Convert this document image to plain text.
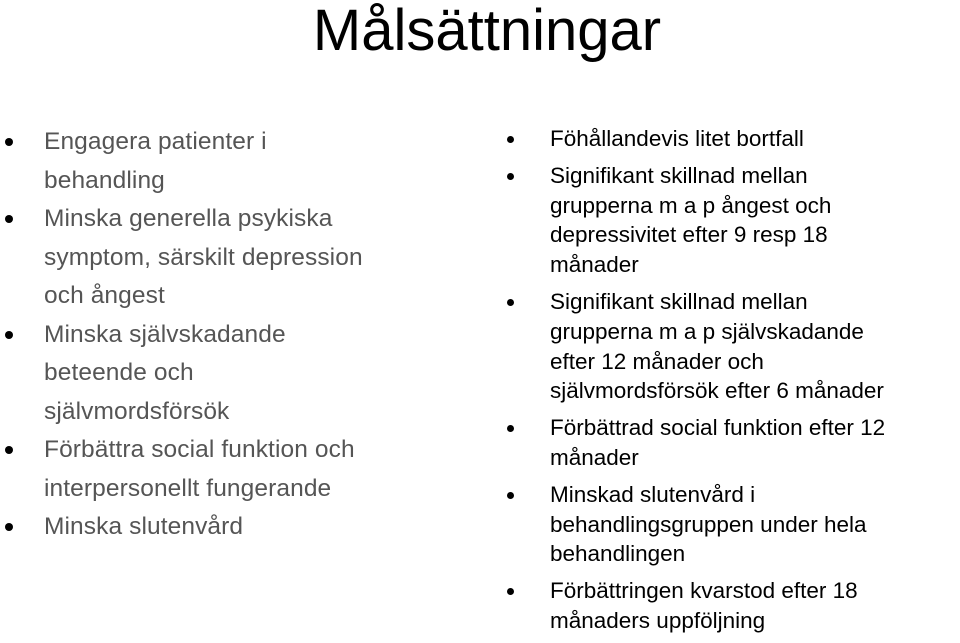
Målsättningar
Engagera patienter i
behandling
Minska generella psykiska
symptom, särskilt depression
och ångest
Minska självskadande
beteende och
självmordsförsök
Förbättra social funktion och
interpersonellt fungerande
Minska slutenvård
Föhållandevis litet bortfall
Signifikant skillnad mellan
grupperna m a p ångest och
depressivitet efter 9 resp 18
månader
Signifikant skillnad mellan
grupperna m a p självskadande
efter 12 månader och
självmordsförsök efter 6 månader
Förbättrad social funktion efter 12
månader
Minskad slutenvård i
behandlingsgruppen under hela
behandlingen
Förbättringen kvarstod efter 18
månaders uppföljning
